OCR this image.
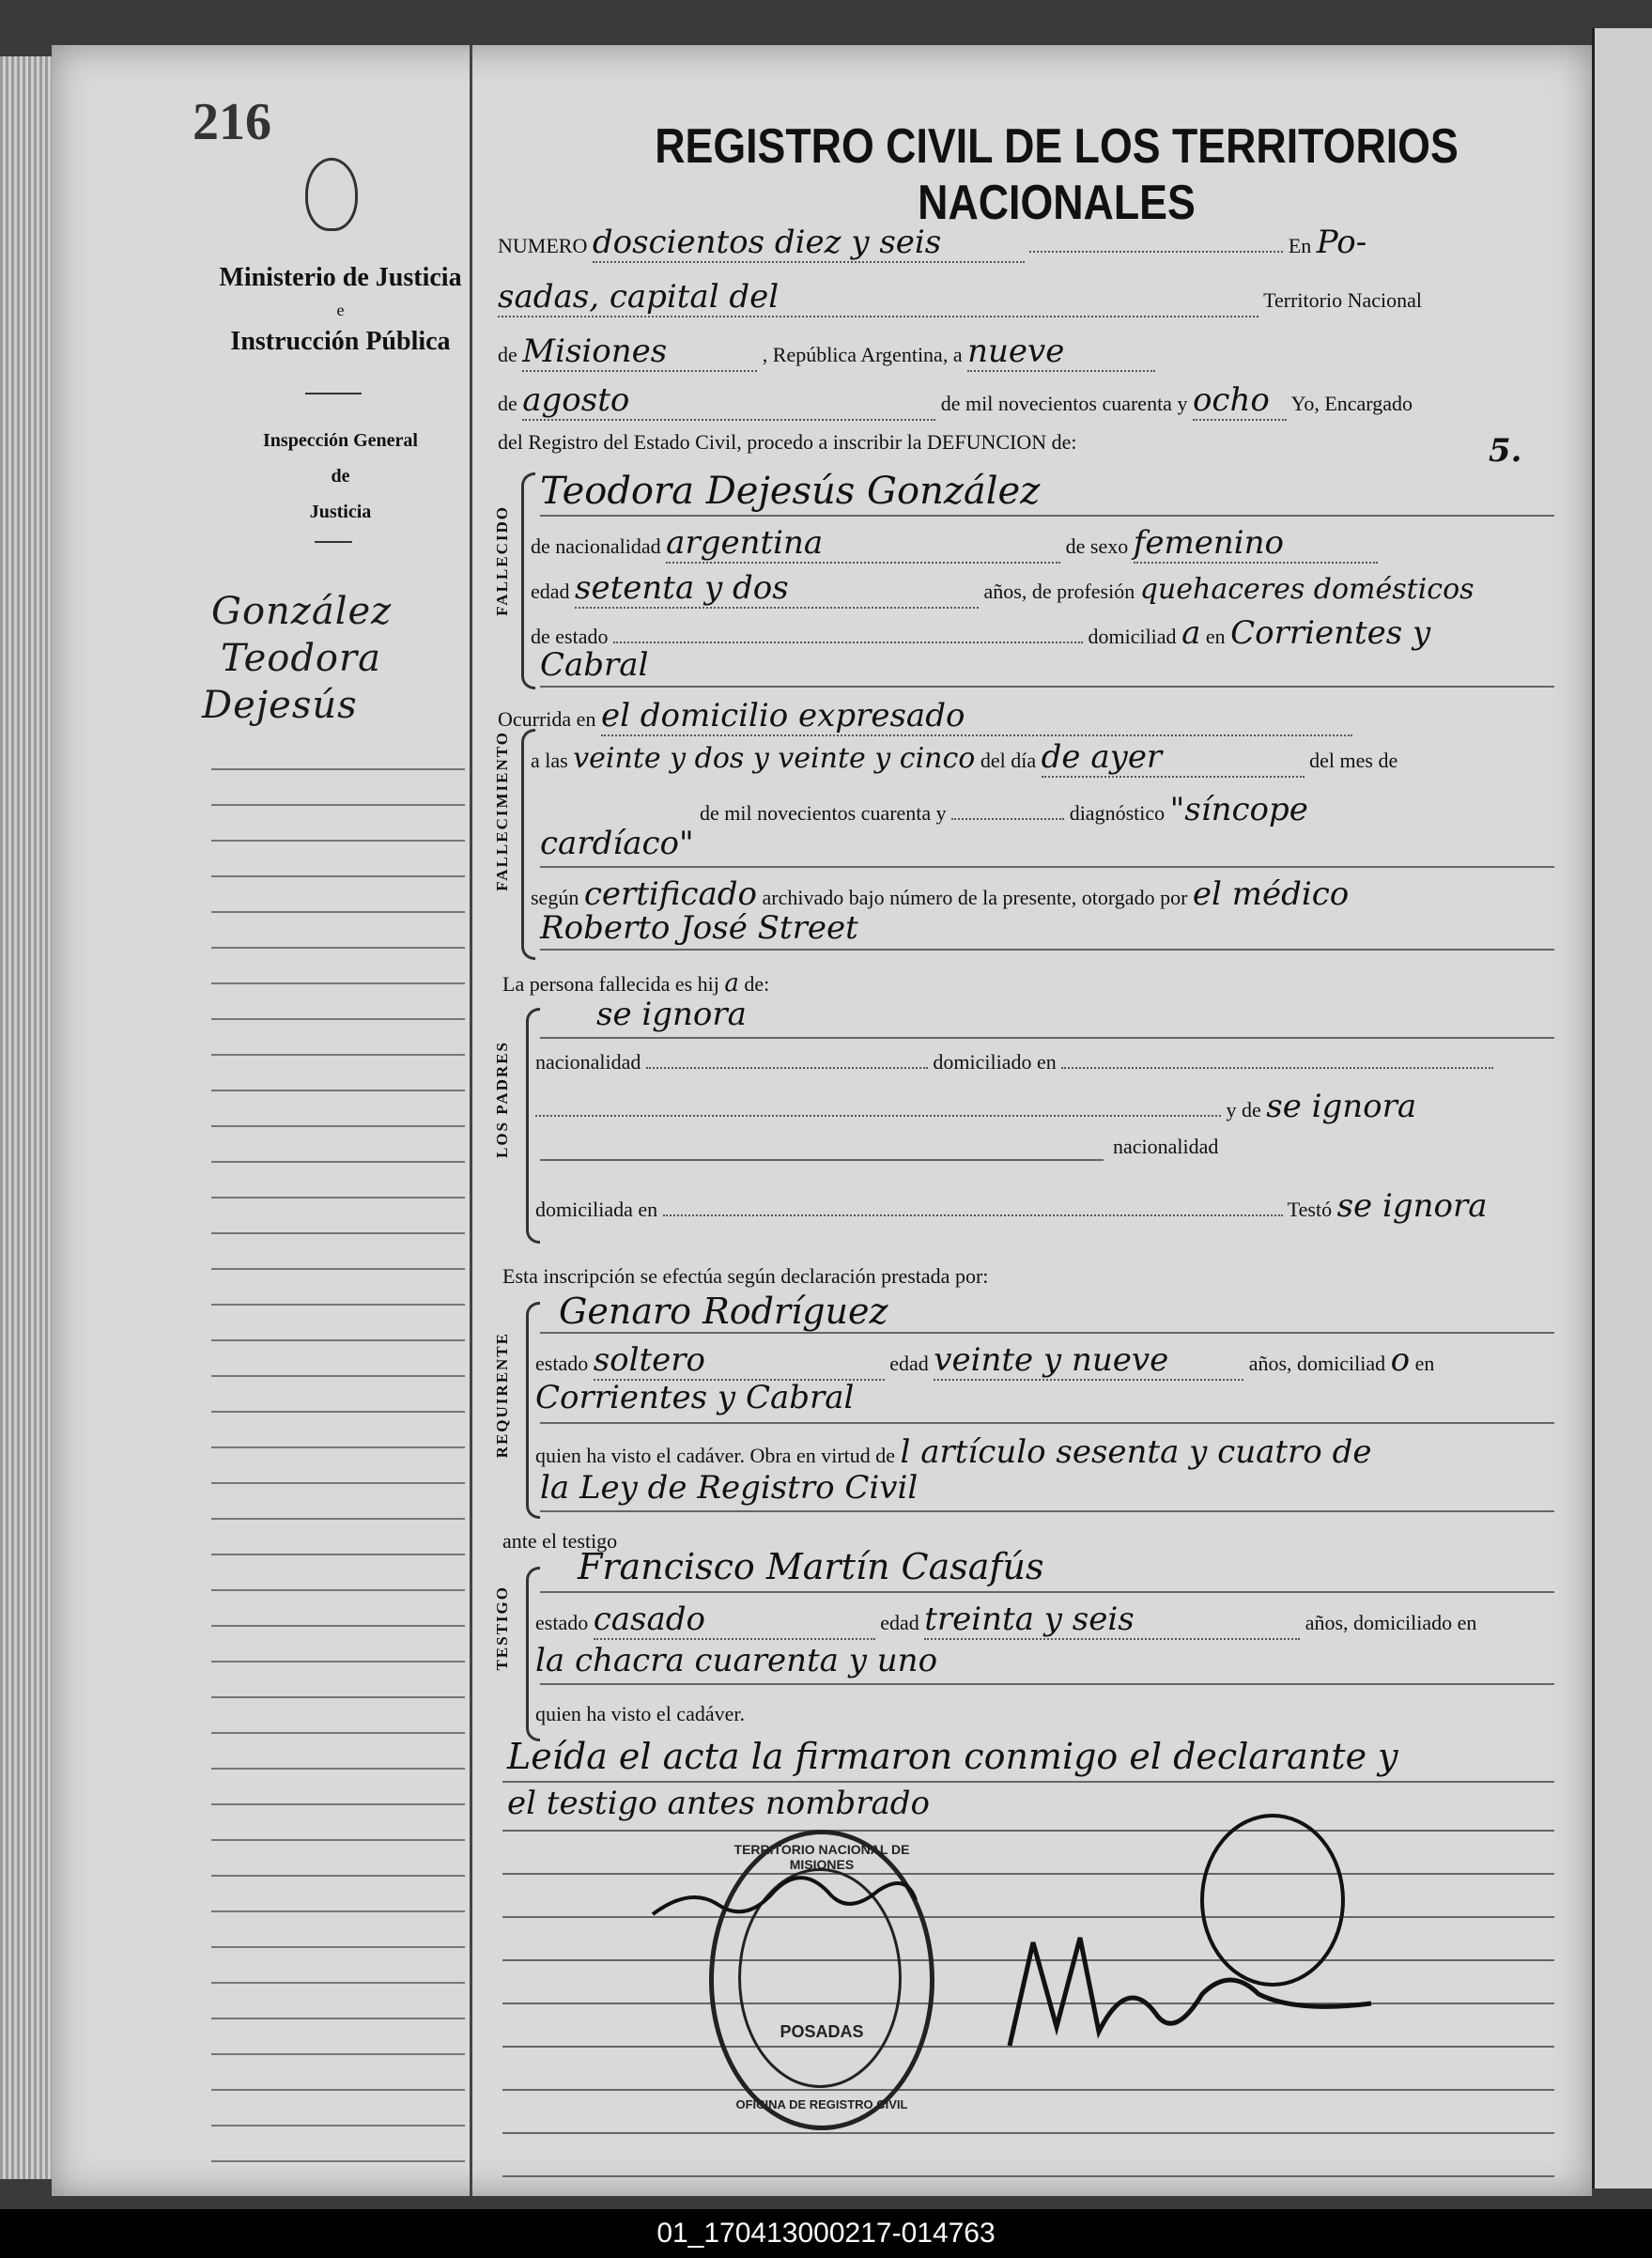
216
Ministerio de Justicia
e
Instrucción Pública
Inspección General
de
Justicia
González
Teodora
Dejesús
REGISTRO CIVIL DE LOS TERRITORIOS NACIONALES
NUMERO doscientos diez y seis	En Po-
sadas, capital del	Territorio Nacional
de Misiones	, República Argentina, a nueve
de agosto	de mil novecientos cuarenta y ocho Yo, Encargado
del Registro del Estado Civil, procedo a inscribir la DEFUNCION de:	5.
FALLECIDO
Teodora Dejesús González
de nacionalidad argentina	de sexo femenino
edad setenta y dos	años, de profesión quehaceres domésticos
de estado	domiciliad a en Corrientes y
Cabral
Ocurrida en el domicilio expresado
FALLECIMIENTO a las veinte y dos y veinte y cinco del día de ayer	del mes de
de mil novecientos cuarenta y	diagnóstico "síncope
cardíaco"
según certificado archivado bajo número de la presente, otorgado por el médico
Roberto José Street
La persona fallecida es hij a de:
LOS PADRES
se ignora
nacionalidad	domiciliado en
y de se ignora
nacionalidad
domiciliada en	Testó se ignora
Esta inscripción se efectúa según declaración prestada por:
REQUIRENTE
Genaro Rodríguez
estado soltero	edad veinte y nueve	años, domiciliad o en
Corrientes y Cabral
quien ha visto el cadáver. Obra en virtud de l artículo sesenta y cuatro de
la Ley de Registro Civil
ante el testigo
TESTIGO
Francisco Martín Casafús
estado casado	edad treinta y seis	años, domiciliado en
la chacra cuarenta y uno
quien ha visto el cadáver.
Leída el acta la firmaron conmigo el declarante y
el testigo antes nombrado
TERRITORIO NACIONAL DE MISIONES
POSADAS
OFICINA DE REGISTRO CIVIL
01_170413000217-014763
